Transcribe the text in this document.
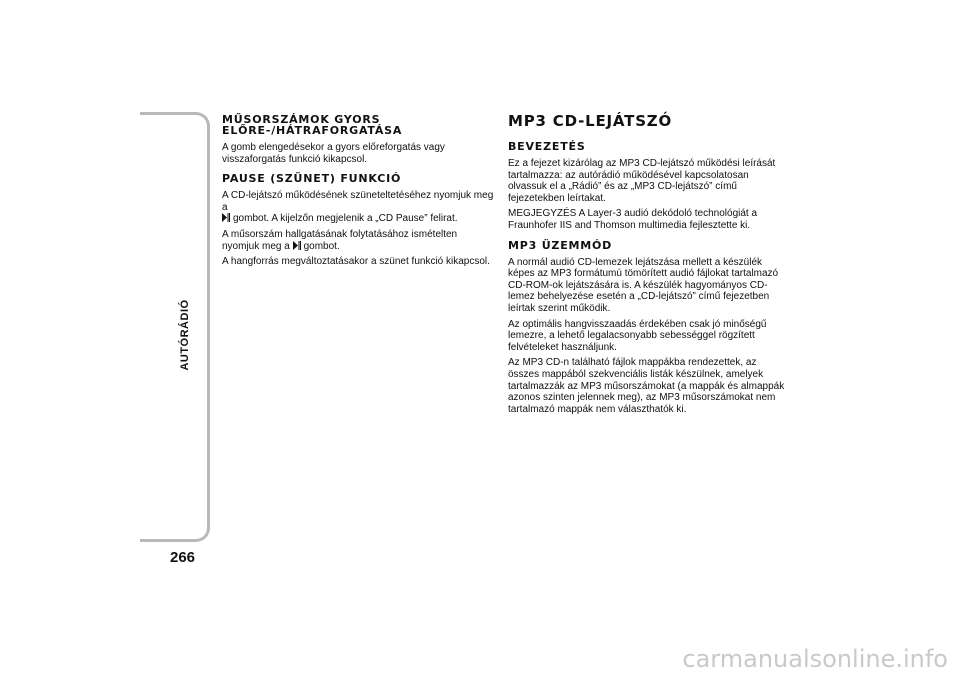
AUTÓRÁDIÓ
266
MŰSORSZÁMOK GYORS
ELŐRE-/HÁTRAFORGATÁSA

A gomb elengedésekor a gyors előreforgatás vagy visszaforgatás funkció kikapcsol.

PAUSE (SZÜNET) FUNKCIÓ

A CD-lejátszó működésének szüneteltetéséhez nyomjuk meg a
gombot. A kijelzőn megjelenik a „CD Pause” felirat.

A műsorszám hallgatásának folytatásához ismételten nyomjuk meg a gombot.

A hangforrás megváltoztatásakor a szünet funkció kikapcsol.

MP3 CD-LEJÁTSZÓ
BEVEZETÉS

Ez a fejezet kizárólag az MP3 CD-lejátszó működési leírását tartalmazza: az autórádió működésével kapcsolatosan olvassuk el a „Rádió” és az „MP3 CD-lejátszó” című fejezetekben leírtakat.

MEGJEGYZÉS A Layer-3 audió dekódoló technológiát a Fraunhofer IIS and Thomson multimedia fejlesztette ki.

MP3 ÜZEMMÓD

A normál audió CD-lemezek lejátszása mellett a készülék képes az MP3 formátumú tömörített audió fájlokat tartalmazó CD-ROM-ok lejátszására is. A készülék hagyományos CD-lemez behelyezése esetén a „CD-lejátszó” című fejezetben leírtak szerint működik.

Az optimális hangvisszaadás érdekében csak jó minőségű lemezre, a lehető legalacsonyabb sebességgel rögzített felvételeket használjunk.

Az MP3 CD-n található fájlok mappákba rendezettek, az összes mappából szekvenciális listák készülnek, amelyek tartalmazzák az MP3 műsorszámokat (a mappák és almappák azonos szinten jelennek meg), az MP3 műsorszámokat nem tartalmazó mappák nem választhatók ki.

carmanualsonline.info
